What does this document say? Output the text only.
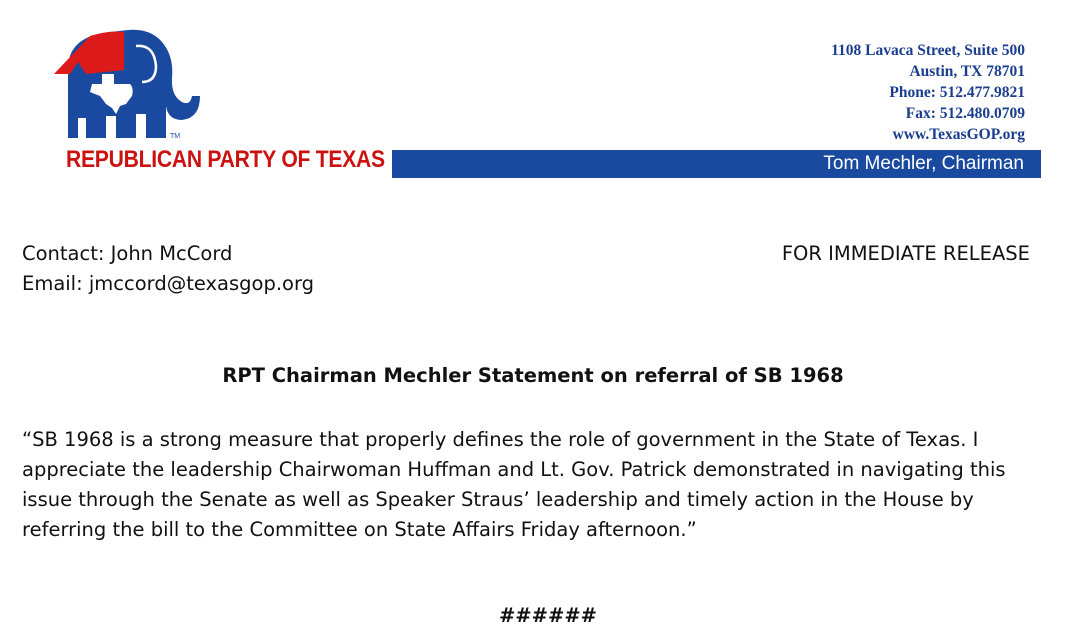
TM
REPUBLICAN PARTY OF TEXAS
1108 Lavaca Street, Suite 500
Austin, TX 78701
Phone: 512.477.9821
Fax: 512.480.0709
www.TexasGOP.org
Tom Mechler, Chairman
Contact: John McCord
Email: jmccord@texasgop.org
FOR IMMEDIATE RELEASE
RPT Chairman Mechler Statement on referral of SB 1968
“SB 1968 is a strong measure that properly defines the role of government in the State of Texas. I
appreciate the leadership Chairwoman Huffman and Lt. Gov. Patrick demonstrated in navigating this
issue through the Senate as well as Speaker Straus’ leadership and timely action in the House by
referring the bill to the Committee on State Affairs Friday afternoon.”
######
